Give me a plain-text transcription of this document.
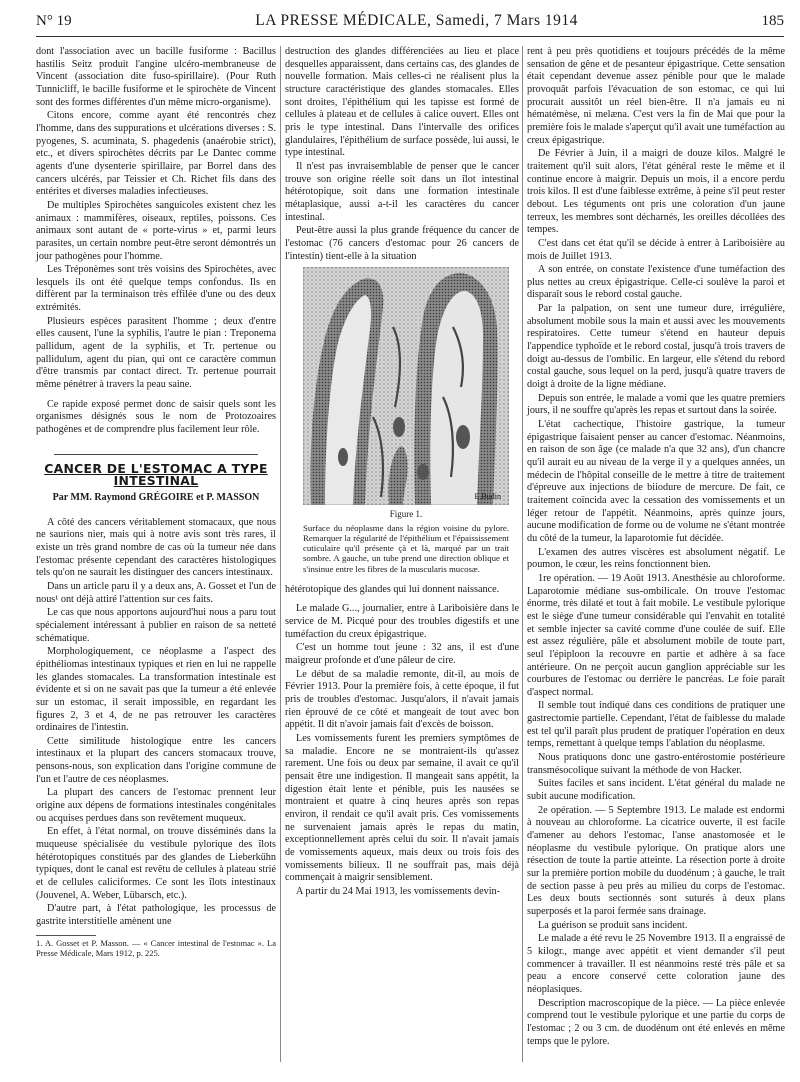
N° 19	LA PRESSE MÉDICALE, Samedi, 7 Mars 1914	185

dont l'association avec un bacille fusiforme : Bacillus hastilis Seitz produit l'angine ulcéro-membraneuse de Vincent (association dite fuso-spirillaire). (Pour Ruth Tunnicliff, le bacille fusiforme et le spirochète de Vincent sont des formes différentes d'un même micro-organisme).

Citons encore, comme ayant été rencontrés chez l'homme, dans des suppurations et ulcérations diverses : S. pyogenes, S. acuminata, S. phagedenis (anaérobie strict), etc., et divers spirochètes décrits par Le Dantec comme agents d'une dysenterie spirillaire, par Borrel dans des cancers ulcérés, par Teissier et Ch. Richet fils dans des entérites et diverses maladies infectieuses.

De multiples Spirochètes sanguicoles existent chez les animaux : mammifères, oiseaux, reptiles, poissons. Ces animaux sont autant de « porte-virus » et, parmi leurs parasites, un certain nombre peut-être seront démontrés un jour pathogènes pour l'homme.

Les Tréponèmes sont très voisins des Spirochètes, avec lesquels ils ont été quelque temps confondus. Ils en diffèrent par la terminaison très effilée d'une ou des deux extrémités.

Plusieurs espèces parasitent l'homme ; deux d'entre elles causent, l'une la syphilis, l'autre le pian : Treponema pallidum, agent de la syphilis, et Tr. pertenue ou pallidulum, agent du pian, qui ont ce caractère commun d'être transmis par contact direct. Tr. pertenue pourrait même pénétrer à travers la peau saine.

Ce rapide exposé permet donc de saisir quels sont les organismes désignés sous le nom de Protozoaires pathogènes et de comprendre plus facilement leur rôle.

CANCER DE L'ESTOMAC A TYPE INTESTINAL
Par MM. Raymond GRÉGOIRE et P. MASSON

A côté des cancers véritablement stomacaux, que nous ne saurions nier, mais qui à notre avis sont très rares, il existe un très grand nombre de cas où la tumeur née dans l'estomac présente cependant des caractères histologiques tels qu'on ne saurait les distinguer des cancers intestinaux.

Dans un article paru il y a deux ans, A. Gosset et l'un de nous¹ ont déjà attiré l'attention sur ces faits.

Le cas que nous apportons aujourd'hui nous a paru tout spécialement intéressant à publier en raison de sa netteté schématique.

Morphologiquement, ce néoplasme a l'aspect des épithéliomas intestinaux typiques et rien en lui ne rappelle les glandes stomacales. La transformation intestinale est évidente et si on ne savait pas que la tumeur a été enlevée sur un estomac, il serait impossible, en regardant les figures 2, 3 et 4, de ne pas retrouver les caractères ordinaires de l'intestin.

Cette similitude histologique entre les cancers intestinaux et la plupart des cancers stomacaux trouve, pensons-nous, son explication dans l'origine commune de l'un et l'autre de ces néoplasmes.

La plupart des cancers de l'estomac prennent leur origine aux dépens de formations intestinales congénitales ou acquises perdues dans son revêtement muqueux.

En effet, à l'état normal, on trouve disséminés dans la muqueuse spécialisée du vestibule pylorique des îlots hétérotopiques constitués par des glandes de Lieberkühn typiques, dont le canal est revêtu de cellules à plateau strié et de cellules caliciformes. Ce sont les îlots intestinaux (Jouvenel, A. Weber, Lübarsch, etc.).

D'autre part, à l'état pathologique, les processus de gastrite interstitielle amènent une

1. A. Gosset et P. Masson. — « Cancer intestinal de l'estomac ». La Presse Médicale, Mars 1912, p. 225.

destruction des glandes différenciées au lieu et place desquelles apparaissent, dans certains cas, des glandes de nouvelle formation. Mais celles-ci ne réalisent plus la structure caractéristique des glandes stomacales. Elles sont droites, l'épithélium qui les tapisse est formé de cellules à plateau et de cellules à calice ouvert. Elles ont pris le type intestinal. Dans l'intervalle des orifices glandulaires, l'épithélium de surface possède, lui aussi, le type intestinal.

Il n'est pas invraisemblable de penser que le cancer trouve son origine réelle soit dans un îlot intestinal hétérotopique, soit dans une formation intestinale métaplasique, aussi a-t-il les caractères du cancer intestinal.

Peut-être aussi la plus grande fréquence du cancer de l'estomac (76 cancers d'estomac pour 26 cancers de l'intestin) tient-elle à la situation

E.Budin
Figure 1.
Surface du néoplasme dans la région voisine du pylore. Remarquer la régularité de l'épithélium et l'épaississement cuticulaire qu'il présente çà et là, marqué par un trait sombre. A gauche, un tube prend une direction oblique et s'insinue entre les fibres de la muscularis mucosæ.

hétérotopique des glandes qui lui donnent naissance.

Le malade G..., journalier, entre à Lariboisière dans le service de M. Picqué pour des troubles digestifs et une tuméfaction du creux épigastrique.

C'est un homme tout jeune : 32 ans, il est d'une maigreur profonde et d'une pâleur de cire.

Le début de sa maladie remonte, dit-il, au mois de Février 1913. Pour la première fois, à cette époque, il fut pris de troubles d'estomac. Jusqu'alors, il n'avait jamais rien éprouvé de ce côté et mangeait de tout avec bon appétit. Il dit n'avoir jamais fait d'excès de boisson.

Les vomissements furent les premiers symptômes de sa maladie. Encore ne se montraient-ils qu'assez rarement. Une fois ou deux par semaine, il avait ce qu'il pensait être une indigestion. Il mangeait sans appétit, la digestion était lente et pénible, puis les nausées se montraient et quatre à cinq heures après son repas environ, il rendait ce qu'il avait pris. Ces vomissements ne survenaient jamais après le repas du matin, exceptionnellement après celui du soir. Il n'avait jamais de vomissements aqueux, mais deux ou trois fois des vomissements bilieux. Il ne souffrait pas, mais déjà commençait à maigrir sensiblement.

A partir du 24 Mai 1913, les vomissements devin-

rent à peu près quotidiens et toujours précédés de la même sensation de gêne et de pesanteur épigastrique. Cette sensation était cependant devenue assez pénible pour que le malade provoquât parfois l'évacuation de son estomac, ce qui lui procurait aussitôt un réel bien-être. Il n'a jamais eu ni hématémèse, ni melæna. C'est vers la fin de Mai que pour la première fois le malade s'aperçut qu'il avait une tuméfaction au creux épigastrique.

De Février à Juin, il a maigri de douze kilos. Malgré le traitement qu'il suit alors, l'état général reste le même et il continue encore à maigrir. Depuis un mois, il a encore perdu trois kilos. Il est d'une faiblesse extrême, à peine s'il peut rester debout. Les téguments ont pris une coloration d'un jaune terreux, les membres sont décharnés, les oreilles décollées des tempes.

C'est dans cet état qu'il se décide à entrer à Lariboisière au mois de Juillet 1913.

A son entrée, on constate l'existence d'une tuméfaction des plus nettes au creux épigastrique. Celle-ci soulève la paroi et disparaît sous le rebord costal gauche.

Par la palpation, on sent une tumeur dure, irrégulière, absolument mobile sous la main et aussi avec les mouvements respiratoires. Cette tumeur s'étend en hauteur depuis l'appendice typhoïde et le rebord costal, jusqu'à trois travers de doigt au-dessus de l'ombilic. En largeur, elle s'étend du rebord costal gauche, sous lequel on la perd, jusqu'à quatre travers de doigt à droite de la ligne médiane.

Depuis son entrée, le malade a vomi que les quatre premiers jours, il ne souffre qu'après les repas et surtout dans la soirée.

L'état cachectique, l'histoire gastrique, la tumeur épigastrique faisaient penser au cancer d'estomac. Néanmoins, en raison de son âge (ce malade n'a que 32 ans), d'un chancre qu'il aurait eu au niveau de la verge il y a quelques années, un médecin de l'hôpital conseille de le mettre à titre de traitement d'épreuve aux injections de biiodure de mercure. De fait, ce traitement coïncida avec la cessation des vomissements et un léger retour de l'appétit. Néanmoins, après quinze jours, aucune modification de forme ou de volume ne s'étant montrée du côté de la tumeur, la laparotomie fut décidée.

L'examen des autres viscères est absolument négatif. Le poumon, le cœur, les reins fonctionnent bien.

1re opération. — 19 Août 1913. Anesthésie au chloroforme. Laparotomie médiane sus-ombilicale. On trouve l'estomac énorme, très dilaté et tout à fait mobile. Le vestibule pylorique est le siège d'une tumeur considérable qui l'envahit en totalité et semble injecter sa cavité comme d'une coulée de suif. Elle est assez régulière, pâle et absolument mobile de toute part, seul l'épiploon la recouvre en partie et adhère à sa face antérieure. On ne perçoit aucun ganglion appréciable sur les courbures de l'estomac ou derrière le pancréas. Le foie paraît d'aspect normal.

Il semble tout indiqué dans ces conditions de pratiquer une gastrectomie partielle. Cependant, l'état de faiblesse du malade est tel qu'il paraît plus prudent de pratiquer l'opération en deux temps, remettant à quelque temps l'ablation du néoplasme.

Nous pratiquons donc une gastro-entérostomie postérieure transmésocolique suivant la méthode de von Hacker.

Suites faciles et sans incident. L'état général du malade ne subit aucune modification.

2e opération. — 5 Septembre 1913. Le malade est endormi à nouveau au chloroforme. La cicatrice ouverte, il est facile d'amener au dehors l'estomac, l'anse anastomosée et le néoplasme du vestibule pylorique. On pratique alors une résection de toute la partie atteinte. La résection porte à droite sur la première portion mobile du duodénum ; à gauche, le trait de section passe à peu près au milieu du corps de l'estomac. Les deux bouts sectionnés sont suturés à deux plans superposés et la paroi fermée sans drainage.

La guérison se produit sans incident.

Le malade a été revu le 25 Novembre 1913. Il a engraissé de 5 kilogr., mange avec appétit et vient demander s'il peut commencer à travailler. Il est néanmoins resté très pâle et sa peau a encore conservé cette coloration jaune des néoplasiques.

Description macroscopique de la pièce. — La pièce enlevée comprend tout le vestibule pylorique et une partie du corps de l'estomac ; 2 ou 3 cm. de duodénum ont été enlevés en même temps que le pylore.
